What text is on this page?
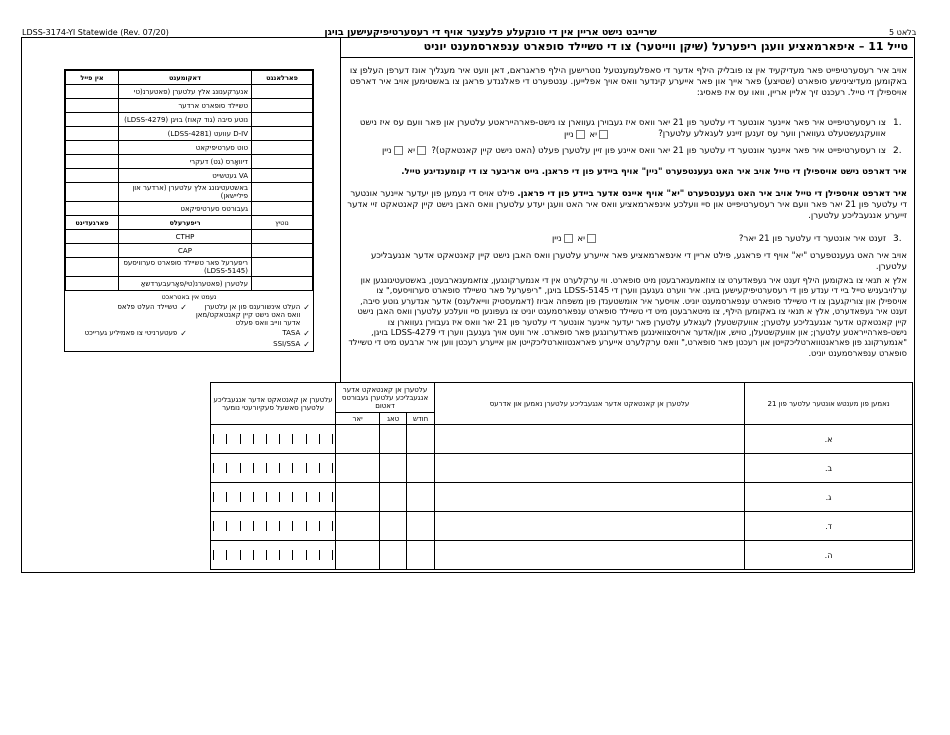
LDSS-3174-YI Statewide (Rev. 07/20)	שרייבט נישט אריין אין די טונקעלע פלעצער אויף די רעסערטיפיקעישען בויגן	בלאט 5
טייל 11 – איפארמאציע וועגן ריפערעל (שיקן ווייטער) צו די טשיילד סופארט ענפארסמענט יוניט
אויב איר רעסערטיפייט פאר מעדיקעיד אין צו פובליק הילף אדער די סאפלעמענטעל נוטרישען הילף פראגראם, דאן וועט איר מעגליך אונז דערפן העלפן צו באקומען מעדיצינישע סופארט (שטיצע) פאר אייך און פאר אייערע קינדער וואס אויך אפלייען. ענטפערט די פאלגנדע פראגן צו באשטימען אויב איר דארפט אויספילן די טייל. רעכנט זיך אליין אריין, וואו עס איז פאסיג:
1.
צו רעסערטיפייט איר פאר איינער אונטער די עלטער פון 21 יאר וואס איז געבוירן געווארן צו נישט-פארהייראטע עלטערן און פאר וועם עס איז נישט אוועקגעשטעלט געווארן ווער עס זענען זיינע לעגאלע עלטערן?
יא ניין
2.
צו רעסערטיפייט איר פאר איינער אונטער די עלטער פון 21 יאר וואס איינע פון זיין עלטערן פעלט (האט נישט קיין קאנטאקט)?
יא ניין
איר דארפט נישט אויספילן די טייל אויב איר האט געענטפערט "ניין" אויף ביידע פון די פראגן. גייט אריבער צו די קומענדיגע טייל.
איר דארפט אויספילן די טייל אויב איר האט געענטפערט "יא" אויף איינס אדער ביידע פון די פראגן. פילט אויס די נעמען פון יעדער איינער אונטער די עלטער פון 21 יאר פאר וועם איר רעסערטיפייט און סיי וועלכע אינפארמאציע וואס איר האט וועגן יעדע עלטערן וואס האבן נישט קיין קאנטאקט זיי אדער זייערע אנגעבליכע עלטערן.
3.
זענט איר אונטער די עלטער פון 21 יאר?
יא ניין
אויב איר האט געענטפערט "יא" אויף די פראגע, פילט אריין די אינפארמאציע פאר אייערע עלטערן וואס האבן נישט קיין קאנטאקט אדער אנגעבליכע עלטערן.
אלץ א תנאי צו באקומען הילף זענט איר געפאדערט צו צוזאמענארבעטן מיט סופארט. ווי ערקלערט אין די אנמערקונגען, צוזאמענארבעטן, באשטעטיגונגען און ערלויבעניש טייל ביי די ענדע פון די רעסערטיפיקעישען בויגן. איר ווערט געגעבן ווערן די LDSS-5145 בויגן, "ריפערעל פאר טשיילד סופארט סערוויסעס," צו אויספילן און צוריקגעבן צו די טשיילד סופארט ענפארסמענט יוניט. אויסער איר אומשטענדן פון משפחה אביוז (דאמעסטיק ווייאלענס) אדער אנדערע גוטע סיבה, זענט איר געפאדערט, אלץ א תנאי צו באקומען הילף, צו מיטארבעטן מיט די טשיילד סופארט ענפארסמענט יוניט צו געפונען סיי וועלכע עלטערן וואס האבן נישט קיין קאנטאקט אדער אנגעבליכע עלטערן; אוועקשטעלן לעגאלע עלטערן פאר יעדער איינער אונטער די עלטער פון 21 יאר וואס איז געבוירן געווארן צו נישט-פארהייראטע עלטערן; און אוועקשטעלן, טויש, און/אדער ארויסצוואינגען פארדערונגען פאר סופארט. איר וועט אויך געגעבן ווערן די LDSS-4279 בויגן, "אנמערקונג פון פאראנטווארטליכקייטן און רעכטן פאר סופארט," וואס ערקלערט אייערע פאראנטווארטליכקייטן און אייערע רעכטן ווען איר ארבעט מיט די טשיילד סופארט ענפארסמענט יוניט.
פארלאנגט	דאקומענט	אין פייל
	אנערקענונג אלץ עלטערן (פאטערנ(טי	
	טשיילד סופארט ארדער	
	נוטע סיבה (גוד קאוז) בויגן (LDSS-4279)	
	D-IV עוועט (LDSS-4281)	
	טוט סערטיפיקאט	
	דיוואָרס (גט) דעקרי	
	VA געטשייט	
	באשטעטיגונג אלץ עלטערן (ארדער און פיליישאן)	
	געבורטס סערטיפיקאט	
נוטיץ	ריפערעלס	פארגעדינט
	CTHP	
	CAP	
	ריפערעל פאר טשיילד סופארט סערוויסעס (LDSS-5145)	
	עלטערן (פאטערנ(טי/פאָרעבערדשאַ	
נעמט אין באטראכט
✓
העלט אינשורענס פון אן עלטערן וואס האט נישט קיין קאנטאקט/מאן אדער ווייב וואס פעלט
✓
טשיילד העלט פלאס
✓
TASA
✓
פעטערניטי צו פאמיליע גערייכט
✓
SSI/SSA
נאמען פון מענטש אונטער עלטער פון 21	עלטערן אן קאנטאקט אדער אנגעבליכע עלטערן נאמען און אדרעס	עלטערן אן קאנטאקט אדער אנגעבליכע עלטערן געבורטס דאטום			עלטערן אן קאנטאקט אדער אנגעבליכע עלטערן סאשעל סעקיורעטי נומער
		חודש	טאג	יאר	
א.					

ב.					

ג.					

ד.					

ה.					
